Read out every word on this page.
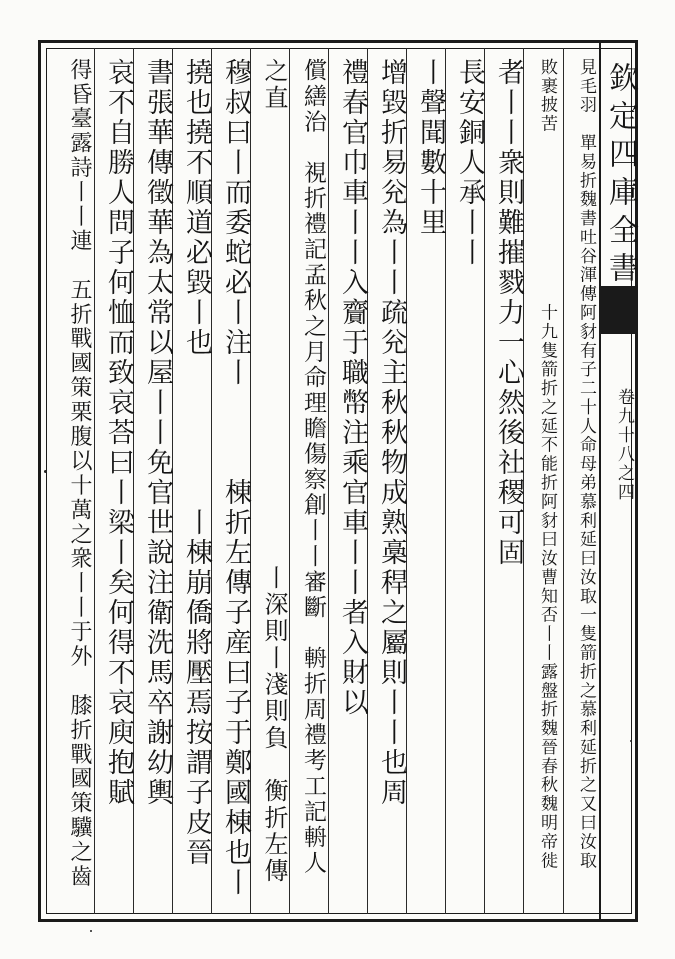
欽定四庫全書
卷九十八之四
見毛羽　單易折魏書吐谷渾傳阿豺有子二十人命母弟慕利延曰汝取一隻箭折之慕利延折之又曰汝取
敗裹披苦　　　　　　　　　十九隻箭折之延不能折阿豺曰汝曹知否丨丨露盤折魏晉春秋魏明帝徙
者丨丨衆則難摧戮力一心然後社稷可固
長安銅人承丨丨
丨聲聞數十里
增毀折易兊為丨丨疏兊主秋秋物成熟槀稈之屬則丨丨也周
禮春官巾車丨丨入齎于職幣注乘官車丨丨者入財以
償繕治　視折禮記孟秋之月命理瞻傷察創丨丨審斷　輈折周禮考工記輈人
之直　　　　　　　　　　　　　　　　　丨深則丨淺則負　衡折左傳
穆叔曰丨而委蛇必丨注丨　　　棟折左傳子産曰子于鄭國棟也丨
撓也撓不順道必毀丨也　　　　　丨棟崩僑將壓焉按謂子皮晉
書張華傳徵華為太常以屋丨丨免官世說注衛洗馬卒謝幼輿
哀不自勝人問子何恤而致哀荅曰丨梁丨矣何得不哀庾抱賦
得昏臺露詩丨丨連　五折戰國策栗腹以十萬之衆丨丨于外　膝折戰國策驥之齒
